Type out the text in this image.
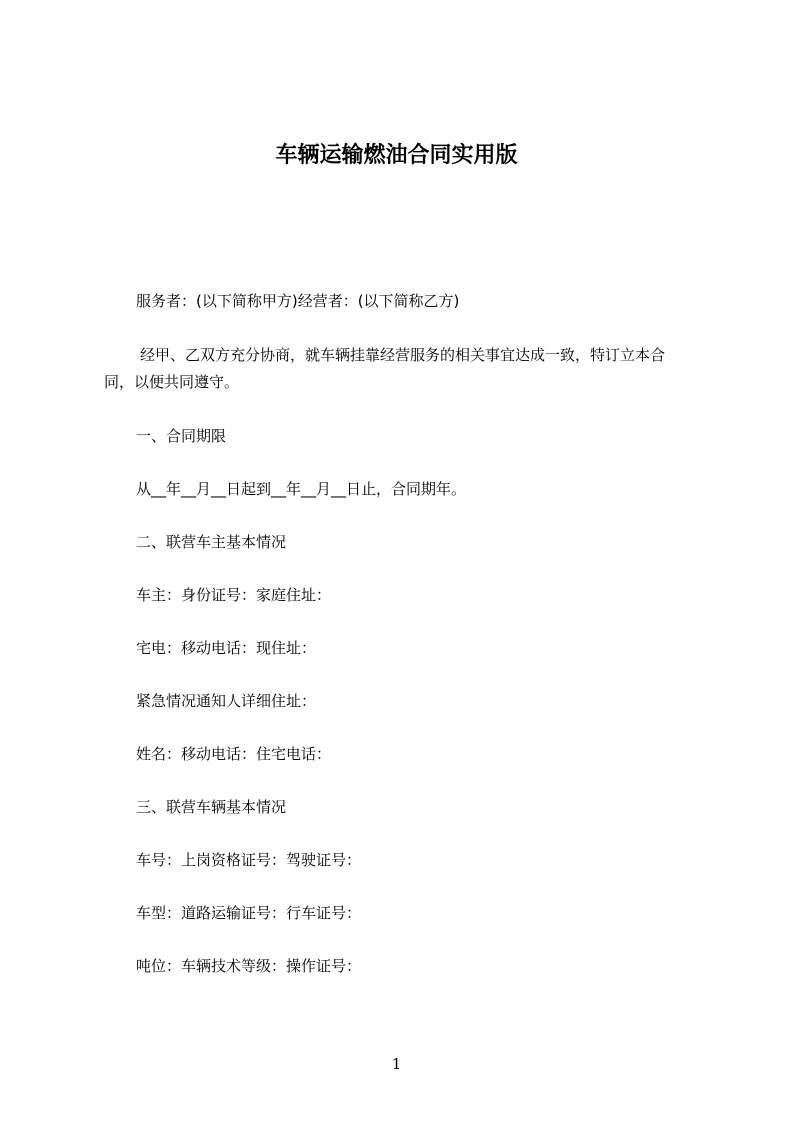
车辆运输燃油合同实用版
服务者：(以下简称甲方)经营者：(以下简称乙方)
经甲、乙双方充分协商，就车辆挂靠经营服务的相关事宜达成一致，特订立本合
同，以便共同遵守。
一、合同期限
从__年__月__日起到__年__月__日止，合同期年。
二、联营车主基本情况
车主：身份证号：家庭住址：
宅电：移动电话：现住址：
紧急情况通知人详细住址：
姓名：移动电话：住宅电话：
三、联营车辆基本情况
车号：上岗资格证号：驾驶证号：
车型：道路运输证号：行车证号：
吨位：车辆技术等级：操作证号：
1
